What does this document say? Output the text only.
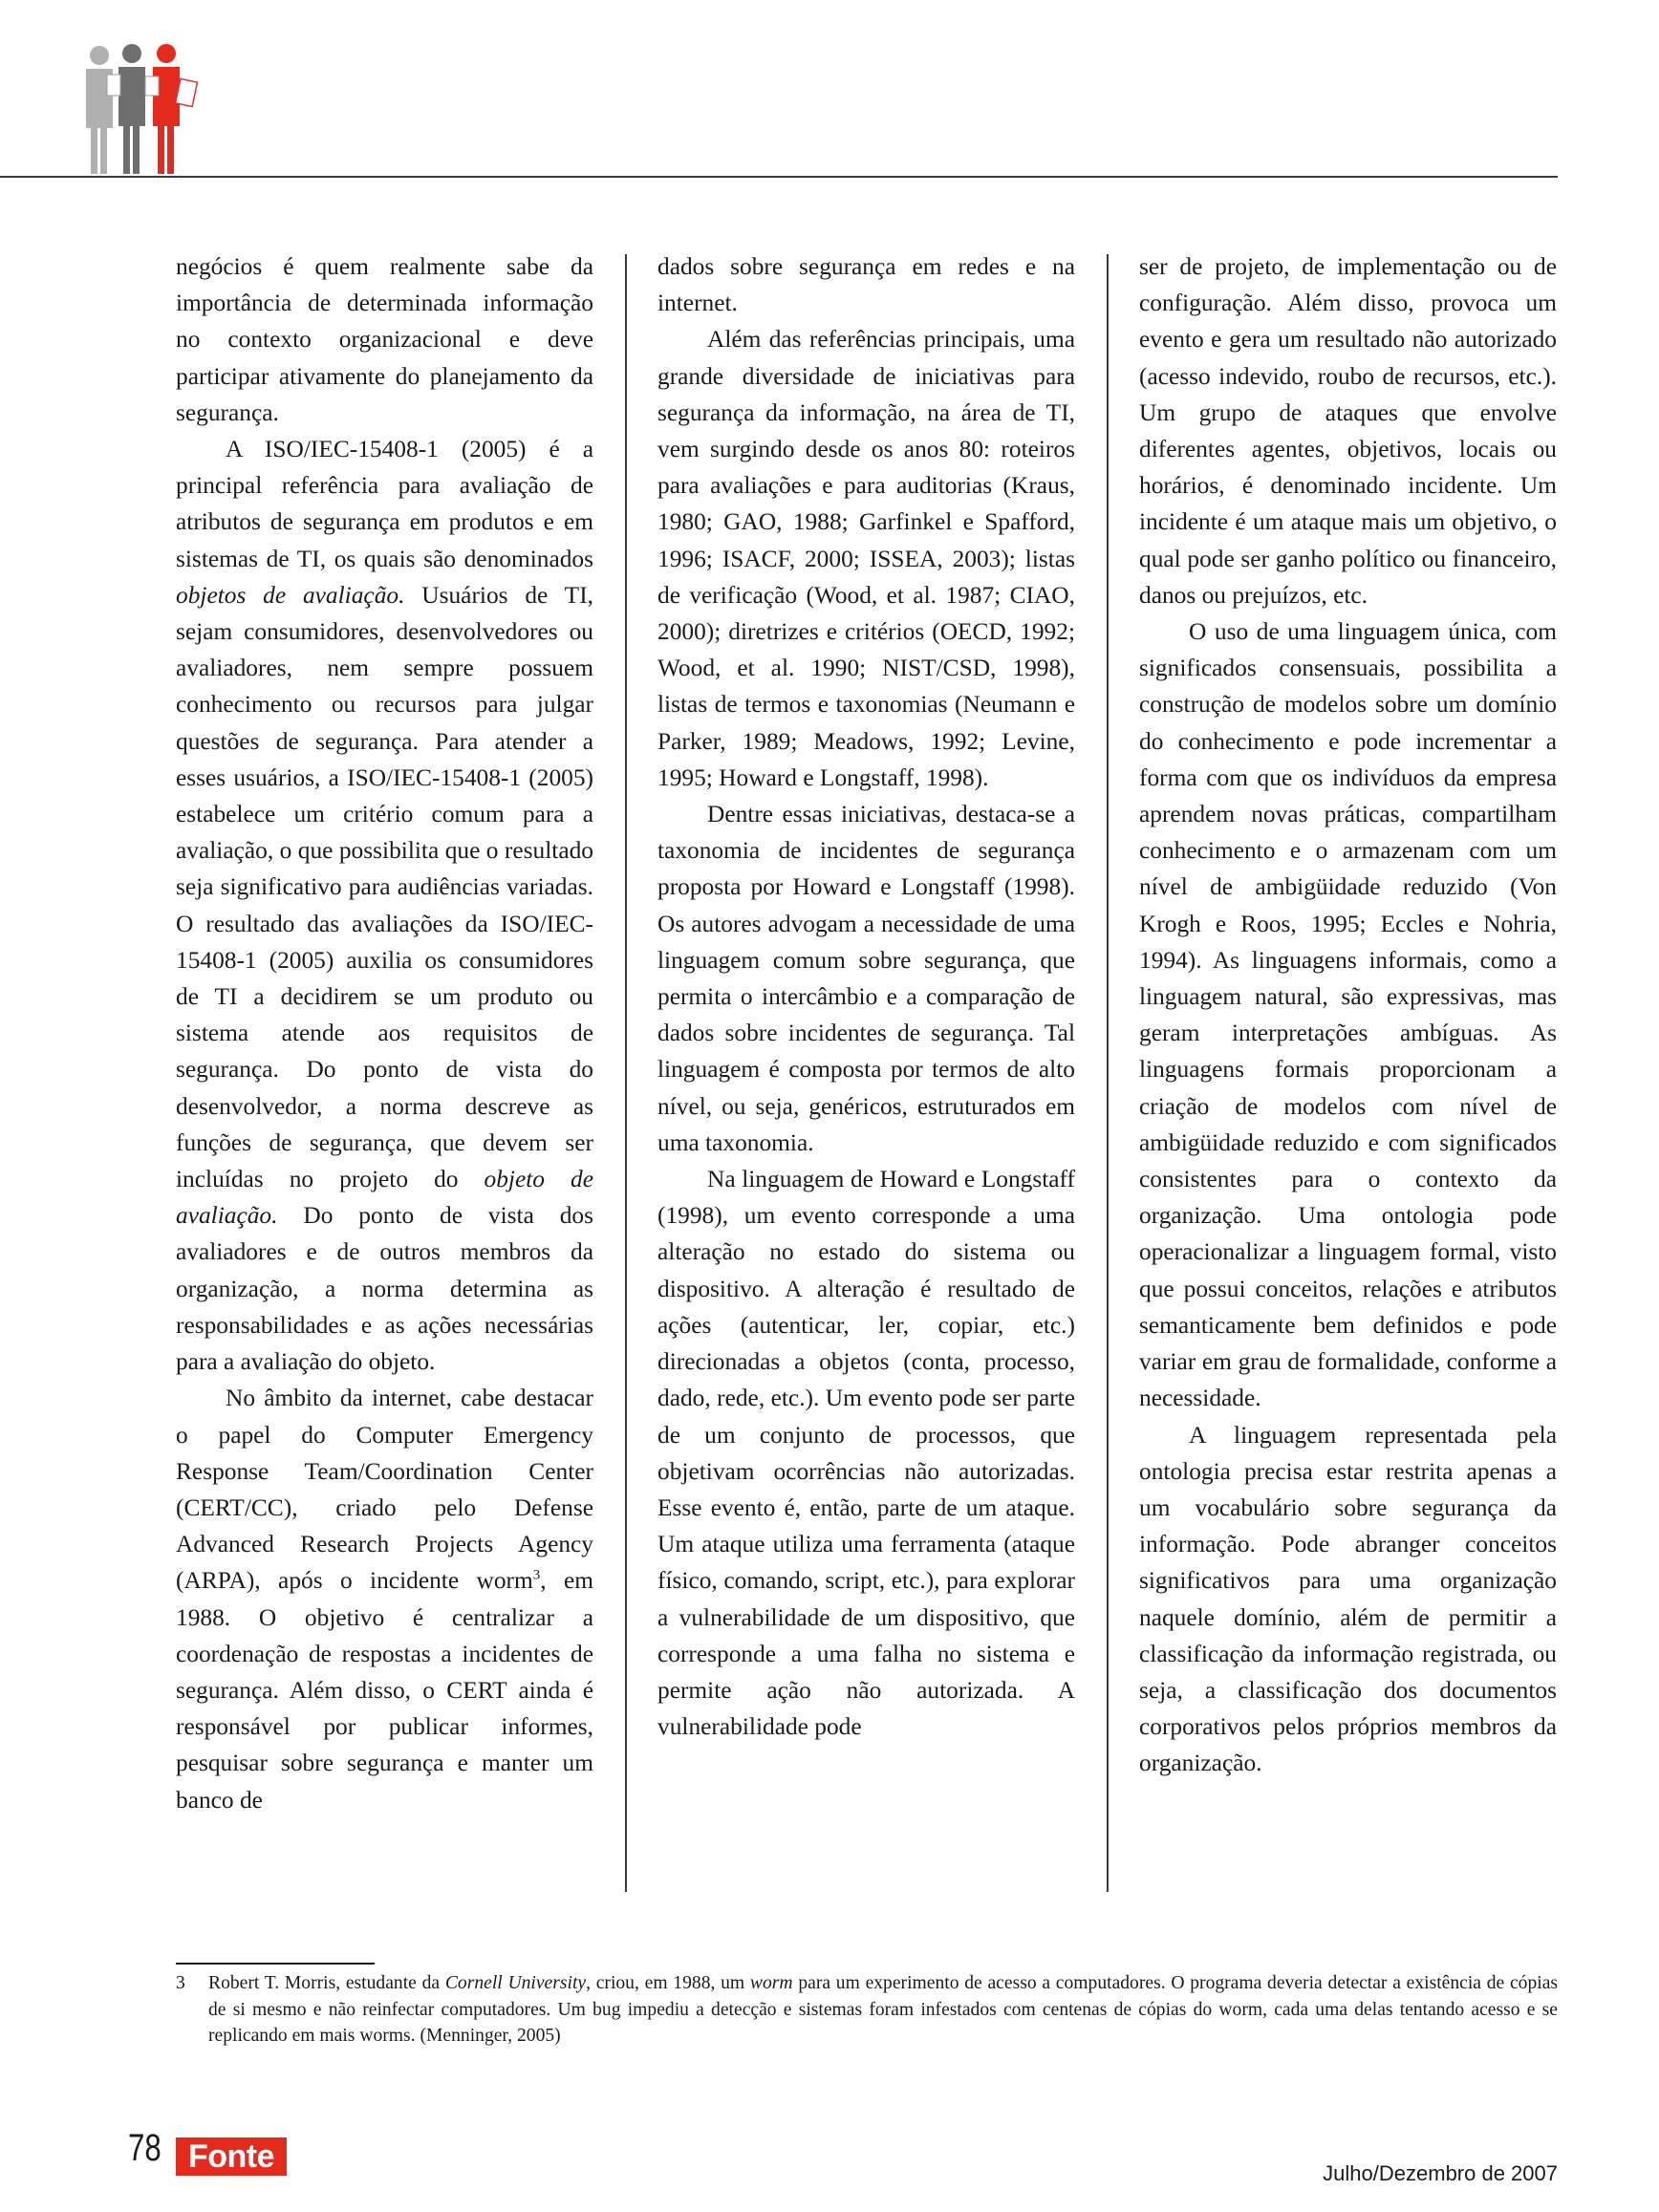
negócios é quem realmente sabe da importância de determinada informação no contexto organizacional e deve participar ativamente do planejamento da segurança.

A ISO/IEC-15408-1 (2005) é a principal referência para avaliação de atributos de segurança em produtos e em sistemas de TI, os quais são denominados objetos de avaliação. Usuários de TI, sejam consumidores, desenvolvedores ou avaliadores, nem sempre possuem conhecimento ou recursos para julgar questões de segurança. Para atender a esses usuários, a ISO/IEC-15408-1 (2005) estabelece um critério comum para a avaliação, o que possibilita que o resultado seja significativo para audiências variadas. O resultado das avaliações da ISO/IEC-15408-1 (2005) auxilia os consumidores de TI a decidirem se um produto ou sistema atende aos requisitos de segurança. Do ponto de vista do desenvolvedor, a norma descreve as funções de segurança, que devem ser incluídas no projeto do objeto de avaliação. Do ponto de vista dos avaliadores e de outros membros da organização, a norma determina as responsabilidades e as ações necessárias para a avaliação do objeto.

No âmbito da internet, cabe destacar o papel do Computer Emergency Response Team/Coordination Center (CERT/CC), criado pelo Defense Advanced Research Projects Agency (ARPA), após o incidente worm$^3$, em 1988. O objetivo é centralizar a coordenação de respostas a incidentes de segurança. Além disso, o CERT ainda é responsável por publicar informes, pesquisar sobre segurança e manter um banco de

dados sobre segurança em redes e na internet.

Além das referências principais, uma grande diversidade de iniciativas para segurança da informação, na área de TI, vem surgindo desde os anos 80: roteiros para avaliações e para auditorias (Kraus, 1980; GAO, 1988; Garfinkel e Spafford, 1996; ISACF, 2000; ISSEA, 2003); listas de verificação (Wood, et al. 1987; CIAO, 2000); diretrizes e critérios (OECD, 1992; Wood, et al. 1990; NIST/CSD, 1998), listas de termos e taxonomias (Neumann e Parker, 1989; Meadows, 1992; Levine, 1995; Howard e Longstaff, 1998).

Dentre essas iniciativas, destaca-se a taxonomia de incidentes de segurança proposta por Howard e Longstaff (1998). Os autores advogam a necessidade de uma linguagem comum sobre segurança, que permita o intercâmbio e a comparação de dados sobre incidentes de segurança. Tal linguagem é composta por termos de alto nível, ou seja, genéricos, estruturados em uma taxonomia.

Na linguagem de Howard e Longstaff (1998), um evento corresponde a uma alteração no estado do sistema ou dispositivo. A alteração é resultado de ações (autenticar, ler, copiar, etc.) direcionadas a objetos (conta, processo, dado, rede, etc.). Um evento pode ser parte de um conjunto de processos, que objetivam ocorrências não autorizadas. Esse evento é, então, parte de um ataque. Um ataque utiliza uma ferramenta (ataque físico, comando, script, etc.), para explorar a vulnerabilidade de um dispositivo, que corresponde a uma falha no sistema e permite ação não autorizada. A vulnerabilidade pode

ser de projeto, de implementação ou de configuração. Além disso, provoca um evento e gera um resultado não autorizado (acesso indevido, roubo de recursos, etc.). Um grupo de ataques que envolve diferentes agentes, objetivos, locais ou horários, é denominado incidente. Um incidente é um ataque mais um objetivo, o qual pode ser ganho político ou financeiro, danos ou prejuízos, etc.

O uso de uma linguagem única, com significados consensuais, possibilita a construção de modelos sobre um domínio do conhecimento e pode incrementar a forma com que os indivíduos da empresa aprendem novas práticas, compartilham conhecimento e o armazenam com um nível de ambigüidade reduzido (Von Krogh e Roos, 1995; Eccles e Nohria, 1994). As linguagens informais, como a linguagem natural, são expressivas, mas geram interpretações ambíguas. As linguagens formais proporcionam a criação de modelos com nível de ambigüidade reduzido e com significados consistentes para o contexto da organização. Uma ontologia pode operacionalizar a linguagem formal, visto que possui conceitos, relações e atributos semanticamente bem definidos e pode variar em grau de formalidade, conforme a necessidade.

A linguagem representada pela ontologia precisa estar restrita apenas a um vocabulário sobre segurança da informação. Pode abranger conceitos significativos para uma organização naquele domínio, além de permitir a classificação da informação registrada, ou seja, a classificação dos documentos corporativos pelos próprios membros da organização.

3 Robert T. Morris, estudante da Cornell University, criou, em 1988, um worm para um experimento de acesso a computadores. O programa deveria detectar a existência de cópias de si mesmo e não reinfectar computadores. Um bug impediu a detecção e sistemas foram infestados com centenas de cópias do worm, cada uma delas tentando acesso e se replicando em mais worms. (Menninger, 2005)
78 Fonte	Julho/Dezembro de 2007
